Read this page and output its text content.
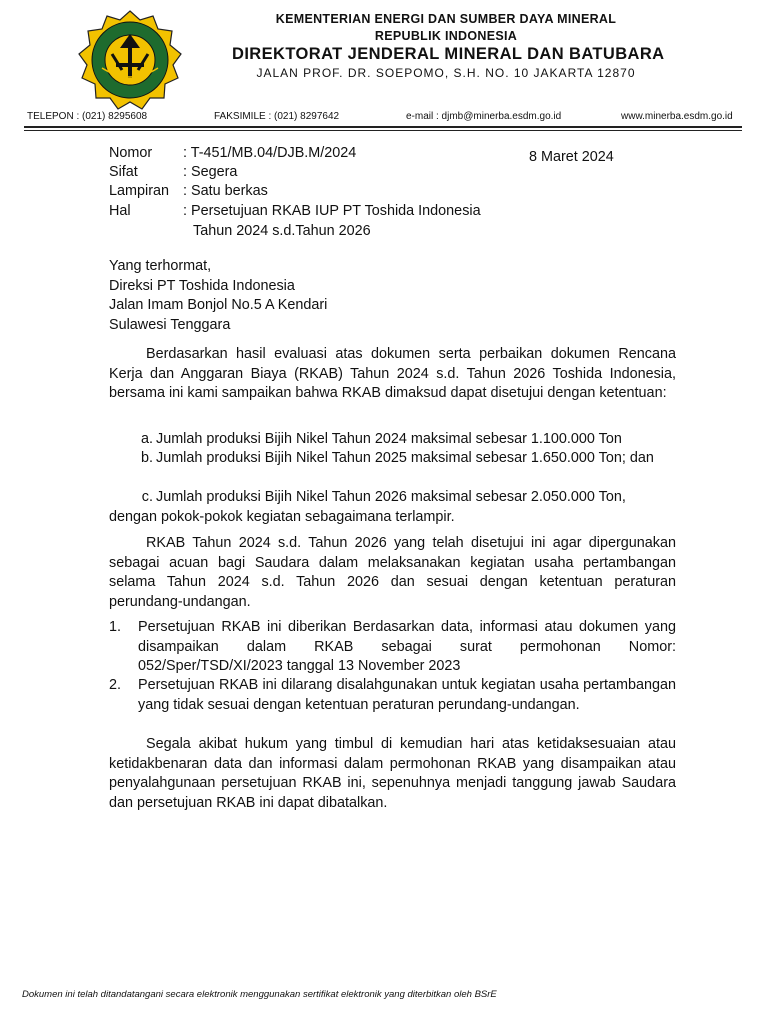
KEMENTERIAN ENERGI DAN SUMBER DAYA MINERAL
REPUBLIK INDONESIA
DIREKTORAT JENDERAL MINERAL DAN BATUBARA
JALAN PROF. DR. SOEPOMO, S.H. NO. 10 JAKARTA 12870
TELEPON : (021) 8295608	FAKSIMILE : (021) 8297642	e-mail : djmb@minerba.esdm.go.id	www.minerba.esdm.go.id
Nomor : T-451/MB.04/DJB.M/2024	8 Maret 2024
Sifat	: Segera
Lampiran : Satu berkas
Hal	: Persetujuan RKAB IUP PT Toshida Indonesia
Tahun 2024 s.d.Tahun 2026
Yang terhormat,
Direksi PT Toshida Indonesia
Jalan Imam Bonjol No.5 A Kendari
Sulawesi Tenggara
Berdasarkan hasil evaluasi atas dokumen serta perbaikan dokumen Rencana Kerja dan Anggaran Biaya (RKAB) Tahun 2024 s.d. Tahun 2026 Toshida Indonesia, bersama ini kami sampaikan bahwa RKAB dimaksud dapat disetujui dengan ketentuan:
a. Jumlah produksi Bijih Nikel Tahun 2024 maksimal sebesar 1.100.000 Ton
b. Jumlah produksi Bijih Nikel Tahun 2025 maksimal sebesar 1.650.000 Ton; dan
c. Jumlah produksi Bijih Nikel Tahun 2026 maksimal sebesar 2.050.000 Ton,
dengan pokok-pokok kegiatan sebagaimana terlampir.
RKAB Tahun 2024 s.d. Tahun 2026 yang telah disetujui ini agar dipergunakan sebagai acuan bagi Saudara dalam melaksanakan kegiatan usaha pertambangan selama Tahun 2024 s.d. Tahun 2026 dan sesuai dengan ketentuan peraturan perundang-undangan.
1. Persetujuan RKAB ini diberikan Berdasarkan data, informasi atau dokumen yang disampaikan dalam RKAB sebagai surat permohonan Nomor: 052/Sper/TSD/XI/2023 tanggal 13 November 2023
2. Persetujuan RKAB ini dilarang disalahgunakan untuk kegiatan usaha pertambangan yang tidak sesuai dengan ketentuan peraturan perundang-undangan.
Segala akibat hukum yang timbul di kemudian hari atas ketidaksesuaian atau ketidakbenaran data dan informasi dalam permohonan RKAB yang disampaikan atau penyalahgunaan persetujuan RKAB ini, sepenuhnya menjadi tanggung jawab Saudara dan persetujuan RKAB ini dapat dibatalkan.
Dokumen ini telah ditandatangani secara elektronik menggunakan sertifikat elektronik yang diterbitkan oleh BSrE
